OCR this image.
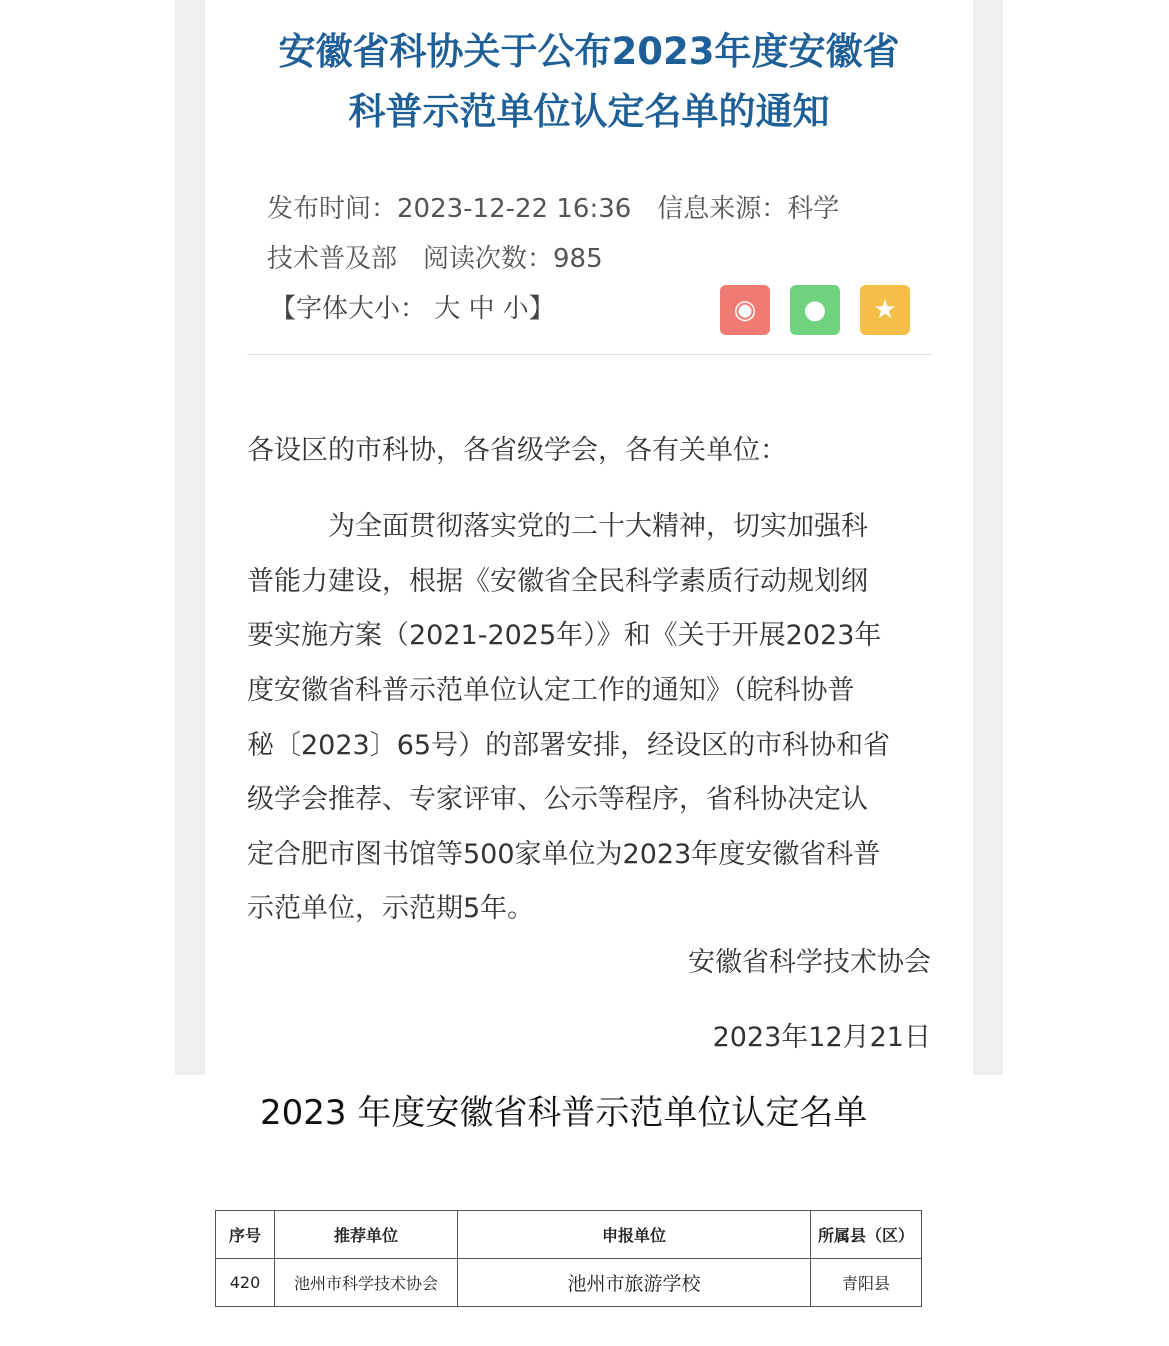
安徽省科协关于公布2023年度安徽省
科普示范单位认定名单的通知
发布时间：2023-12-22 16:36　信息来源：科学
技术普及部　阅读次数：985
【字体大小： 大 中 小】	◉	●	★
各设区的市科协，各省级学会，各有关单位：
　　　为全面贯彻落实党的二十大精神，切实加强科
普能力建设，根据《安徽省全民科学素质行动规划纲
要实施方案（2021-2025年）》和《关于开展2023年
度安徽省科普示范单位认定工作的通知》（皖科协普
秘〔2023〕65号）的部署安排，经设区的市科协和省
级学会推荐、专家评审、公示等程序，省科协决定认
定合肥市图书馆等500家单位为2023年度安徽省科普
示范单位，示范期5年。
安徽省科学技术协会
2023年12月21日
2023 年度安徽省科普示范单位认定名单
序号	推荐单位	申报单位	所属县（区）
420	池州市科学技术协会	池州市旅游学校	青阳县
